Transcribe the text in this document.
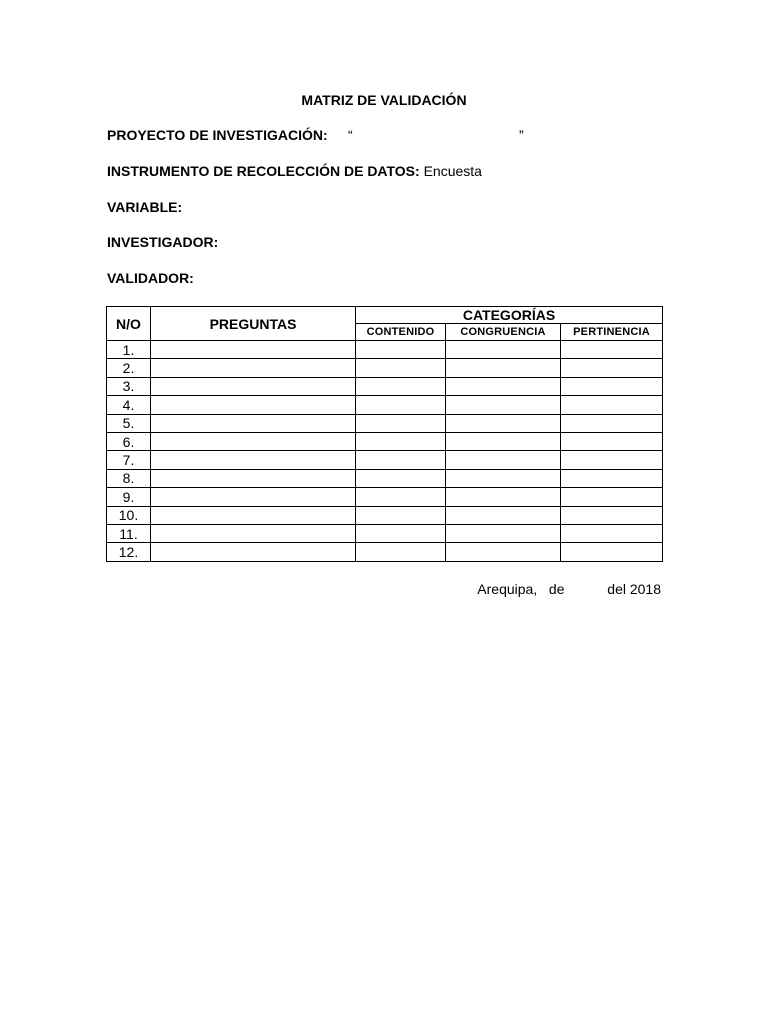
MATRIZ DE VALIDACIÓN
PROYECTO DE INVESTIGACIÓN: “	”
INSTRUMENTO DE RECOLECCIÓN DE DATOS: Encuesta
VARIABLE:
INVESTIGADOR:
VALIDADOR:
N/O	PREGUNTAS	CATEGORÍAS		
		CONTENIDO	CONGRUENCIA	PERTINENCIA
1.				
2.				
3.				
4.				
5.				
6.				
7.				
8.				
9.				
10.				
11.				
12.				
Arequipa, de	del 2018
